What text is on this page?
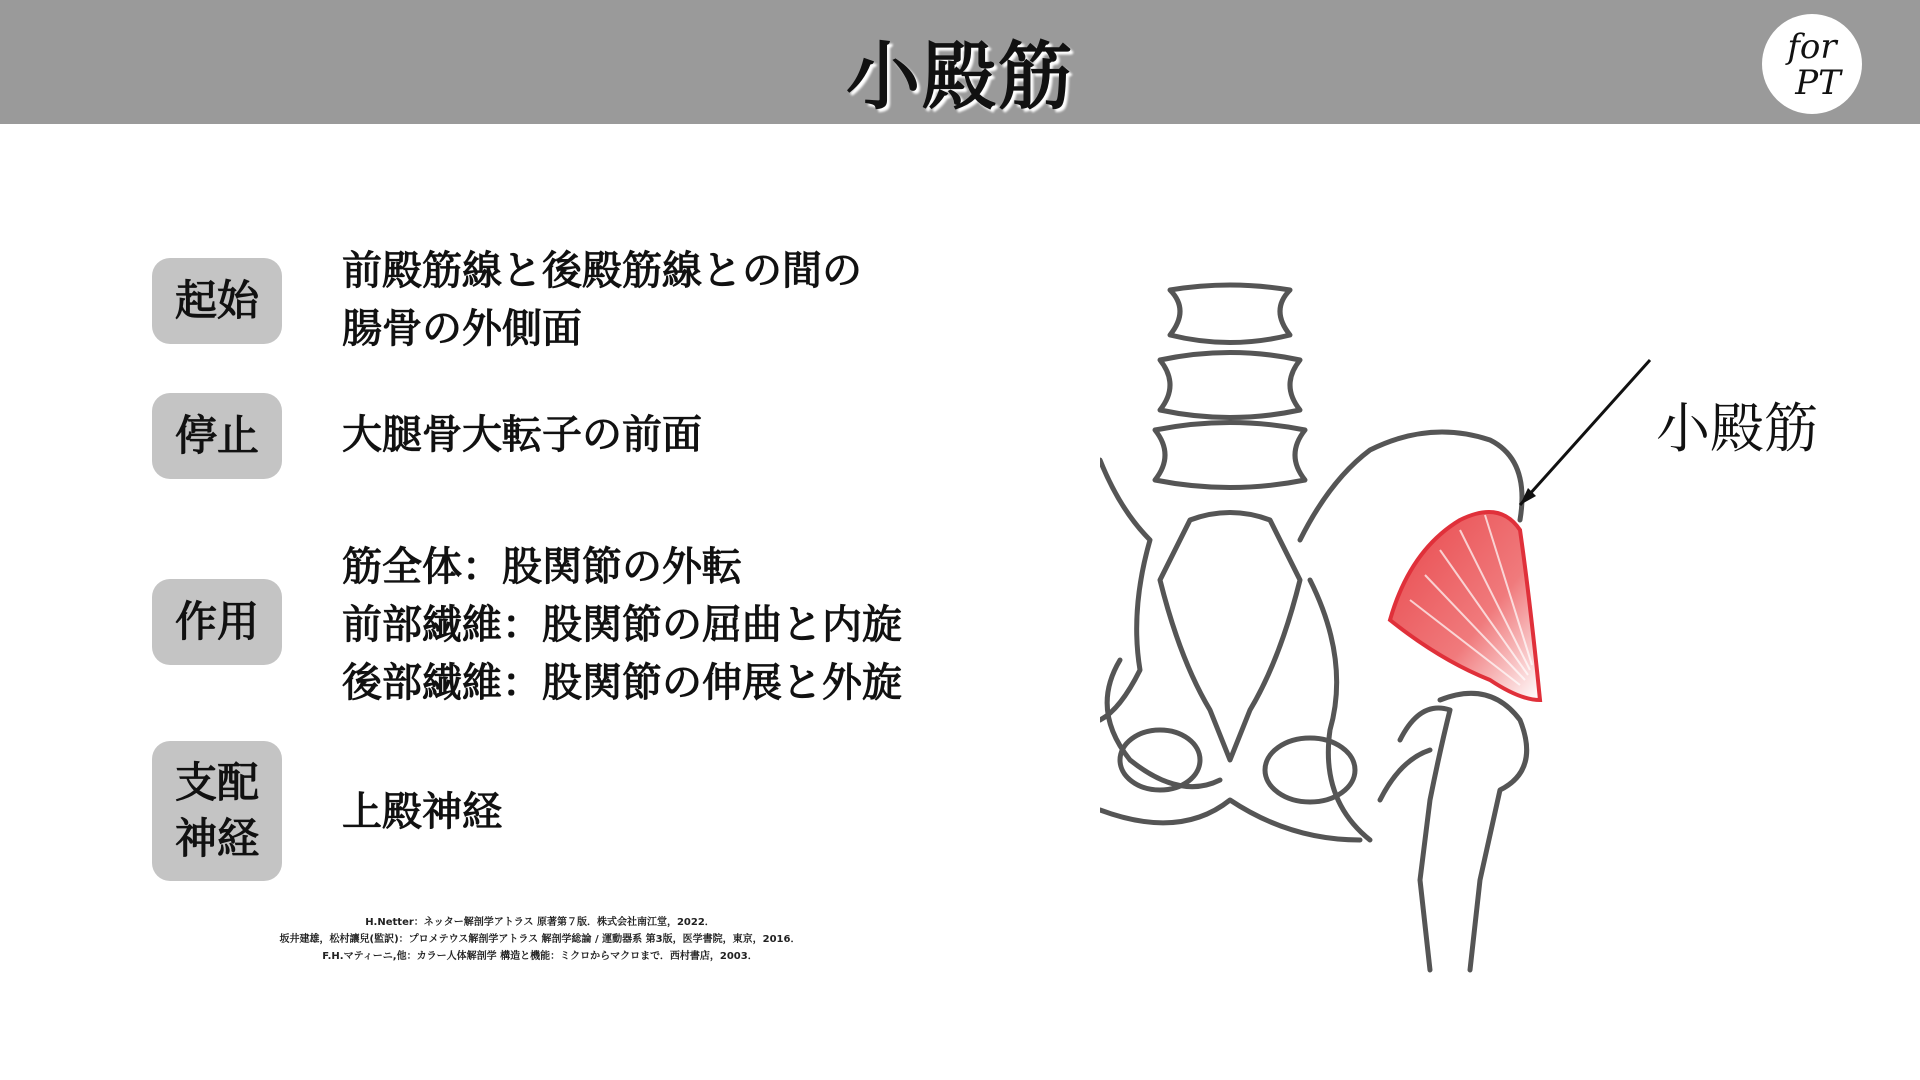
小殿筋	for
PT
起始
前殿筋線と後殿筋線との間の
腸骨の外側面
停止	大腿骨大転子の前面
作用
筋全体：股関節の外転
前部繊維：股関節の屈曲と内旋
後部繊維：股関節の伸展と外旋
支配
神経
上殿神経
H.Netter：ネッター解剖学アトラス 原著第７版．株式会社南江堂，2022．
坂井建雄，松村讓兒(監訳)：プロメテウス解剖学アトラス 解剖学総論 / 運動器系 第3版，医学書院，東京，2016．
F.H.マティーニ,他：カラー人体解剖学 構造と機能：ミクロからマクロまで．西村書店，2003．
小殿筋
